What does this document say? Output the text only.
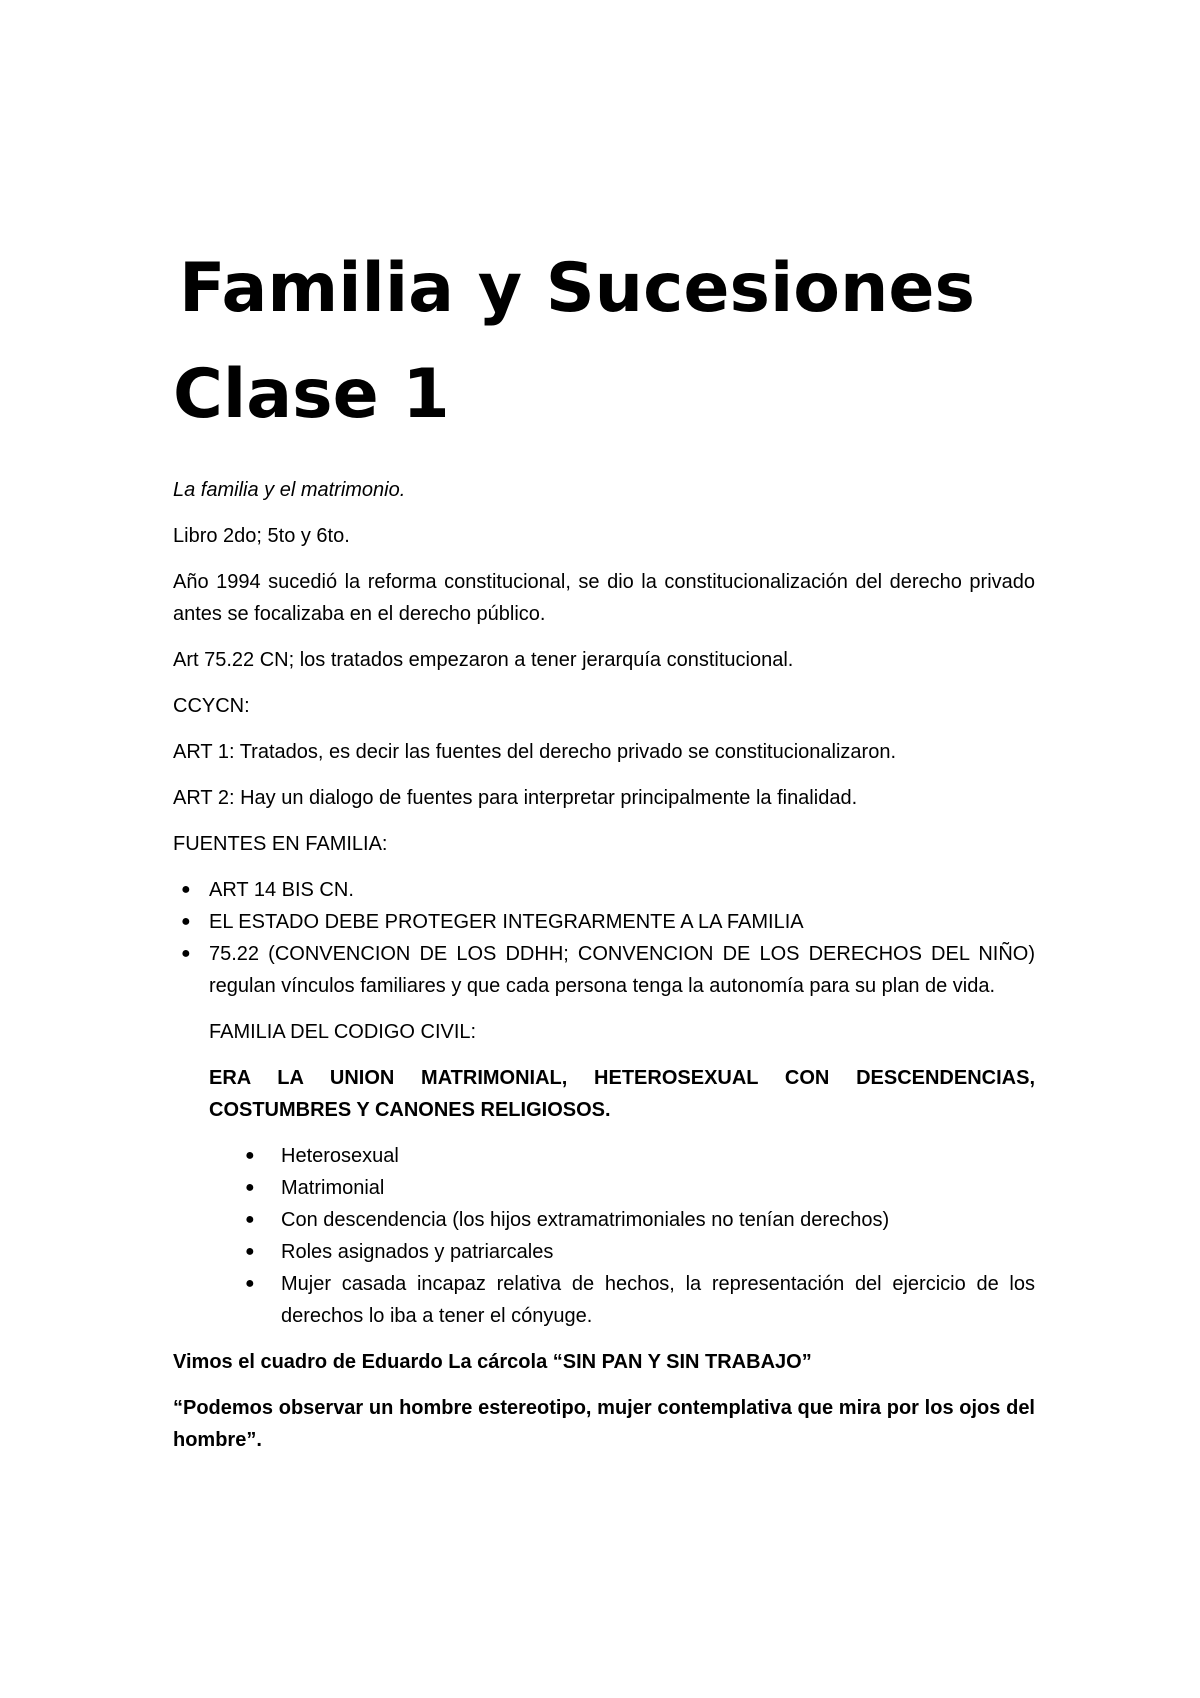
Familia y Sucesiones
Clase 1

La familia y el matrimonio.

Libro 2do; 5to y 6to.

Año 1994 sucedió la reforma constitucional, se dio la constitucionalización del derecho privado antes se focalizaba en el derecho público.

Art 75.22 CN; los tratados empezaron a tener jerarquía constitucional.

CCYCN:

ART 1: Tratados, es decir las fuentes del derecho privado se constitucionalizaron.

ART 2: Hay un dialogo de fuentes para interpretar principalmente la finalidad.

FUENTES EN FAMILIA:

● ART 14 BIS CN.
● EL ESTADO DEBE PROTEGER INTEGRARMENTE A LA FAMILIA
● 75.22 (CONVENCION DE LOS DDHH; CONVENCION DE LOS DERECHOS DEL NIÑO) regulan vínculos familiares y que cada persona tenga la autonomía para su plan de vida.

FAMILIA DEL CODIGO CIVIL:

ERA LA UNION MATRIMONIAL, HETEROSEXUAL CON DESCENDENCIAS, COSTUMBRES Y CANONES RELIGIOSOS.

● Heterosexual
● Matrimonial
● Con descendencia (los hijos extramatrimoniales no tenían derechos)
● Roles asignados y patriarcales
● Mujer casada incapaz relativa de hechos, la representación del ejercicio de los derechos lo iba a tener el cónyuge.

Vimos el cuadro de Eduardo La cárcola “SIN PAN Y SIN TRABAJO”

“Podemos observar un hombre estereotipo, mujer contemplativa que mira por los ojos del hombre”.
